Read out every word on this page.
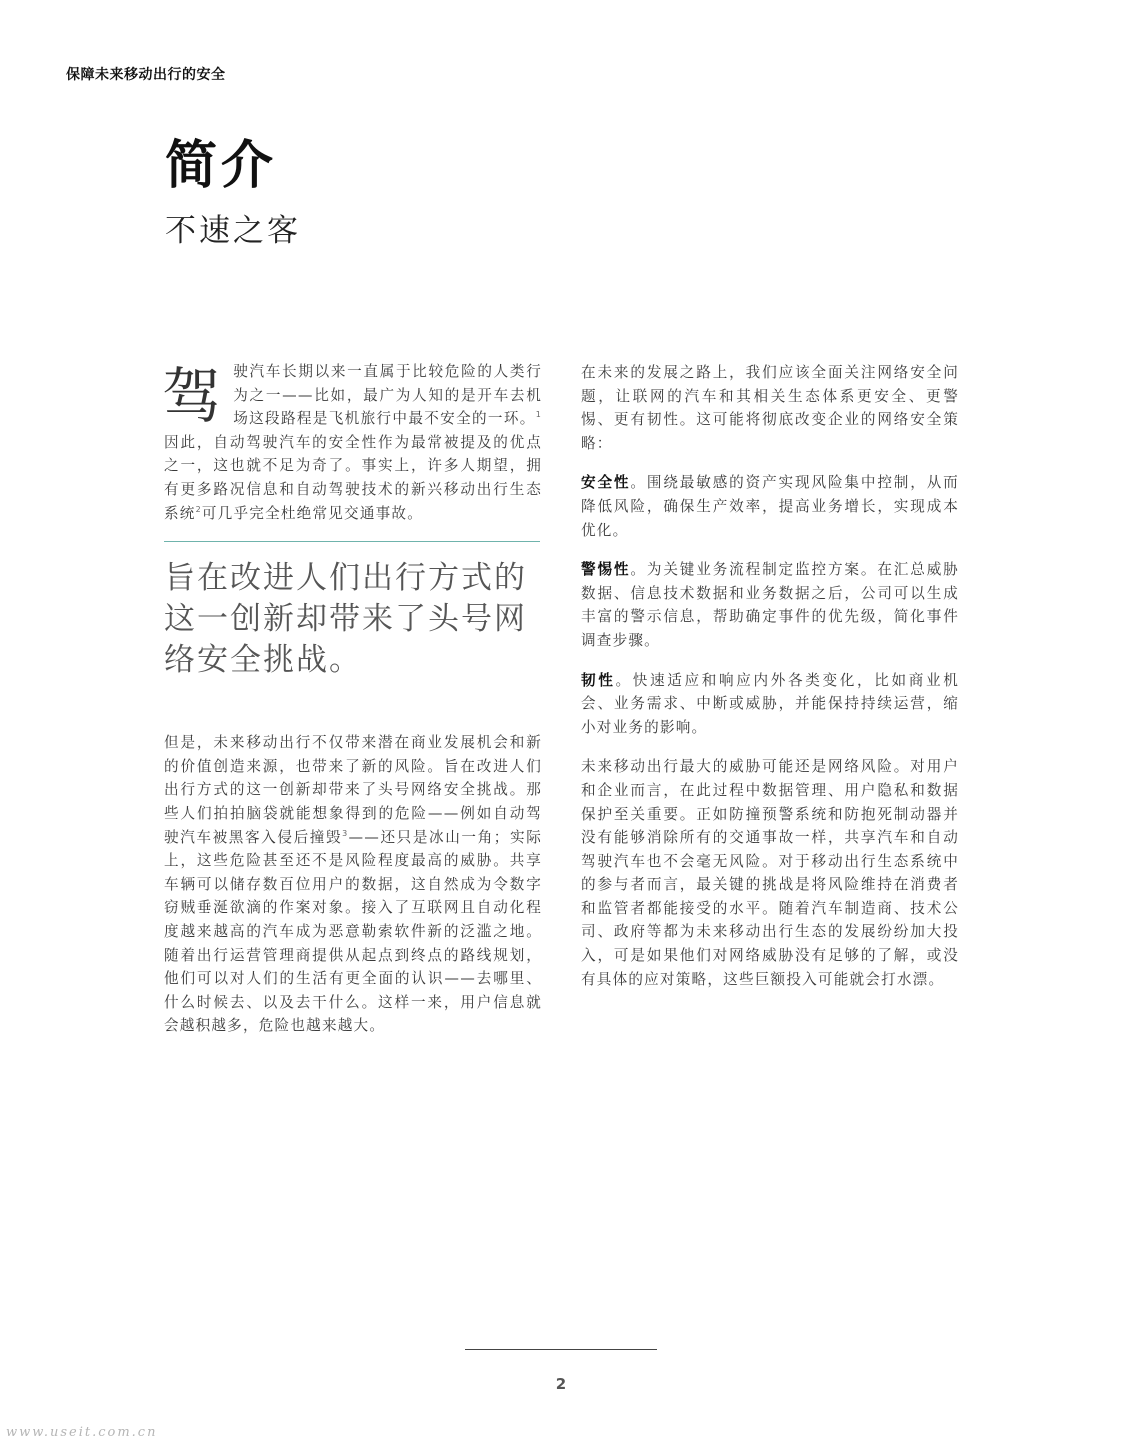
保障未来移动出行的安全
简介
不速之客

驾驶汽车长期以来一直属于比较危险的人类行为之一——比如，最广为人知的是开车去机场这段路程是飞机旅行中最不安全的一环。$^1$因此，自动驾驶汽车的安全性作为最常被提及的优点之一，这也就不足为奇了。事实上，许多人期望，拥有更多路况信息和自动驾驶技术的新兴移动出行生态系统$^2$可几乎完全杜绝常见交通事故。

旨在改进人们出行方式的这一创新却带来了头号网络安全挑战。

但是，未来移动出行不仅带来潜在商业发展机会和新的价值创造来源，也带来了新的风险。旨在改进人们出行方式的这一创新却带来了头号网络安全挑战。那些人们拍拍脑袋就能想象得到的危险——例如自动驾驶汽车被黑客入侵后撞毁$^3$——还只是冰山一角；实际上，这些危险甚至还不是风险程度最高的威胁。共享车辆可以储存数百位用户的数据，这自然成为令数字窃贼垂涎欲滴的作案对象。接入了互联网且自动化程度越来越高的汽车成为恶意勒索软件新的泛滥之地。随着出行运营管理商提供从起点到终点的路线规划，他们可以对人们的生活有更全面的认识——去哪里、什么时候去、以及去干什么。这样一来，用户信息就会越积越多，危险也越来越大。

在未来的发展之路上，我们应该全面关注网络安全问题，让联网的汽车和其相关生态体系更安全、更警惕、更有韧性。这可能将彻底改变企业的网络安全策略：

安全性。围绕最敏感的资产实现风险集中控制，从而降低风险，确保生产效率，提高业务增长，实现成本优化。

警惕性。为关键业务流程制定监控方案。在汇总威胁数据、信息技术数据和业务数据之后，公司可以生成丰富的警示信息，帮助确定事件的优先级，简化事件调查步骤。

韧性。快速适应和响应内外各类变化，比如商业机会、业务需求、中断或威胁，并能保持持续运营，缩小对业务的影响。

未来移动出行最大的威胁可能还是网络风险。对用户和企业而言，在此过程中数据管理、用户隐私和数据保护至关重要。正如防撞预警系统和防抱死制动器并没有能够消除所有的交通事故一样，共享汽车和自动驾驶汽车也不会毫无风险。对于移动出行生态系统中的参与者而言，最关键的挑战是将风险维持在消费者和监管者都能接受的水平。随着汽车制造商、技术公司、政府等都为未来移动出行生态的发展纷纷加大投入，可是如果他们对网络威胁没有足够的了解，或没有具体的应对策略，这些巨额投入可能就会打水漂。

2
www.useit.com.cn
